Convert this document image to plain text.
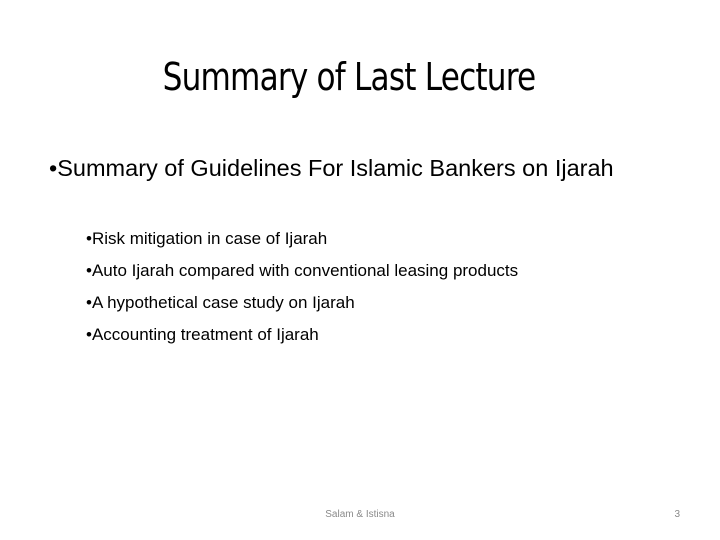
Summary of Last Lecture
•Summary of Guidelines For Islamic Bankers on Ijarah
•Risk mitigation in case of Ijarah
•Auto Ijarah compared with conventional leasing products
•A hypothetical case study on Ijarah
•Accounting treatment of Ijarah
Salam & Istisna	3
